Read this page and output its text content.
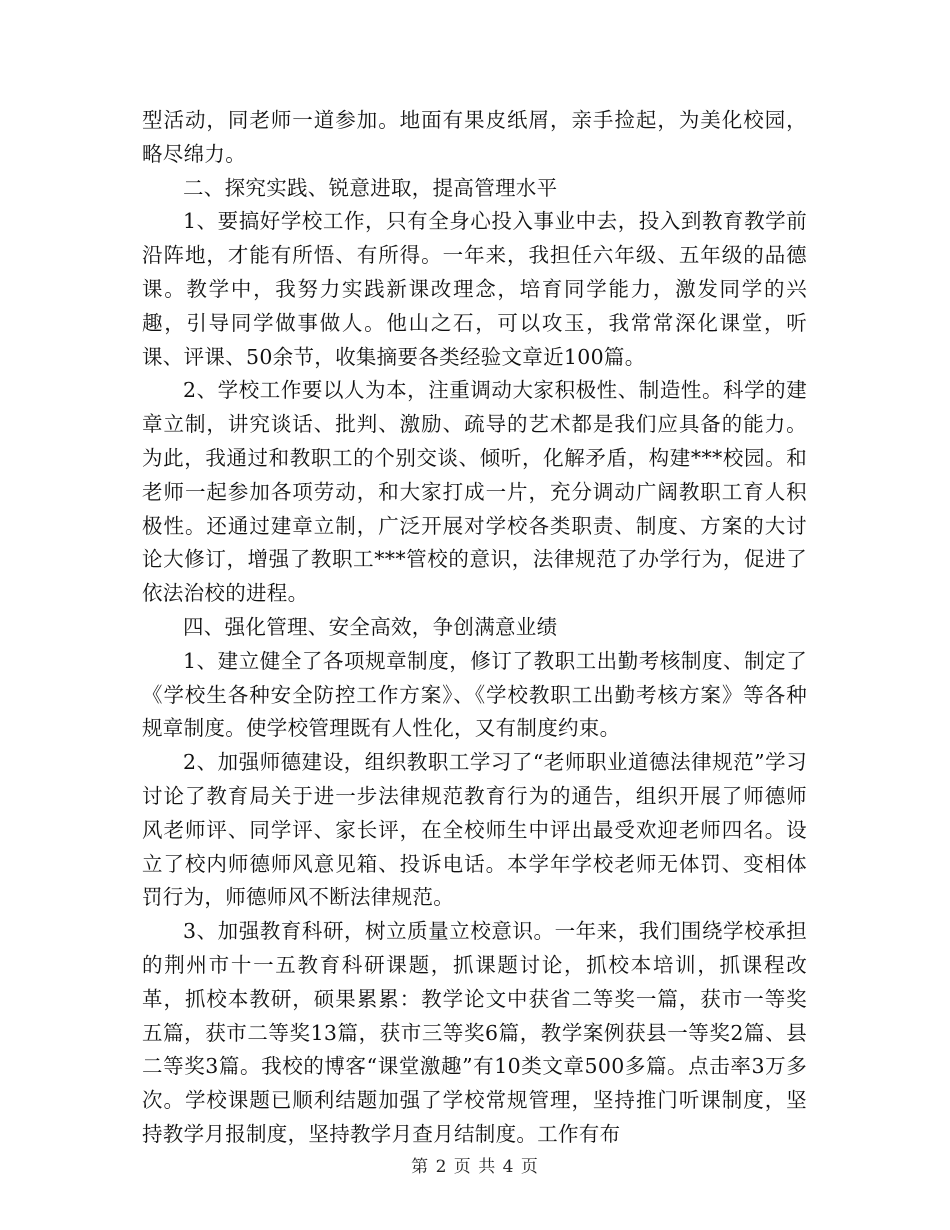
型活动，同老师一道参加。地面有果皮纸屑，亲手捡起，为美化校园，略尽绵力。

二、探究实践、锐意进取，提高管理水平

1、要搞好学校工作，只有全身心投入事业中去，投入到教育教学前沿阵地，才能有所悟、有所得。一年来，我担任六年级、五年级的品德课。教学中，我努力实践新课改理念，培育同学能力，激发同学的兴趣，引导同学做事做人。他山之石，可以攻玉，我常常深化课堂，听课、评课、50余节，收集摘要各类经验文章近100篇。

2、学校工作要以人为本，注重调动大家积极性、制造性。科学的建章立制，讲究谈话、批判、激励、疏导的艺术都是我们应具备的能力。为此，我通过和教职工的个别交谈、倾听，化解矛盾，构建***校园。和老师一起参加各项劳动，和大家打成一片，充分调动广阔教职工育人积极性。还通过建章立制，广泛开展对学校各类职责、制度、方案的大讨论大修订，增强了教职工***管校的意识，法律规范了办学行为，促进了依法治校的进程。

四、强化管理、安全高效，争创满意业绩

1、建立健全了各项规章制度，修订了教职工出勤考核制度、制定了《学校生各种安全防控工作方案》、《学校教职工出勤考核方案》等各种规章制度。使学校管理既有人性化，又有制度约束。

2、加强师德建设，组织教职工学习了“老师职业道德法律规范”学习讨论了教育局关于进一步法律规范教育行为的通告，组织开展了师德师风老师评、同学评、家长评，在全校师生中评出最受欢迎老师四名。设立了校内师德师风意见箱、投诉电话。本学年学校老师无体罚、变相体罚行为，师德师风不断法律规范。

3、加强教育科研，树立质量立校意识。一年来，我们围绕学校承担的荆州市十一五教育科研课题，抓课题讨论，抓校本培训，抓课程改革，抓校本教研，硕果累累：教学论文中获省二等奖一篇，获市一等奖五篇，获市二等奖13篇，获市三等奖6篇，教学案例获县一等奖2篇、县二等奖3篇。我校的博客“课堂激趣”有10类文章500多篇。点击率3万多次。学校课题已顺利结题加强了学校常规管理，坚持推门听课制度，坚持教学月报制度，坚持教学月查月结制度。工作有布

第 2 页 共 4 页
